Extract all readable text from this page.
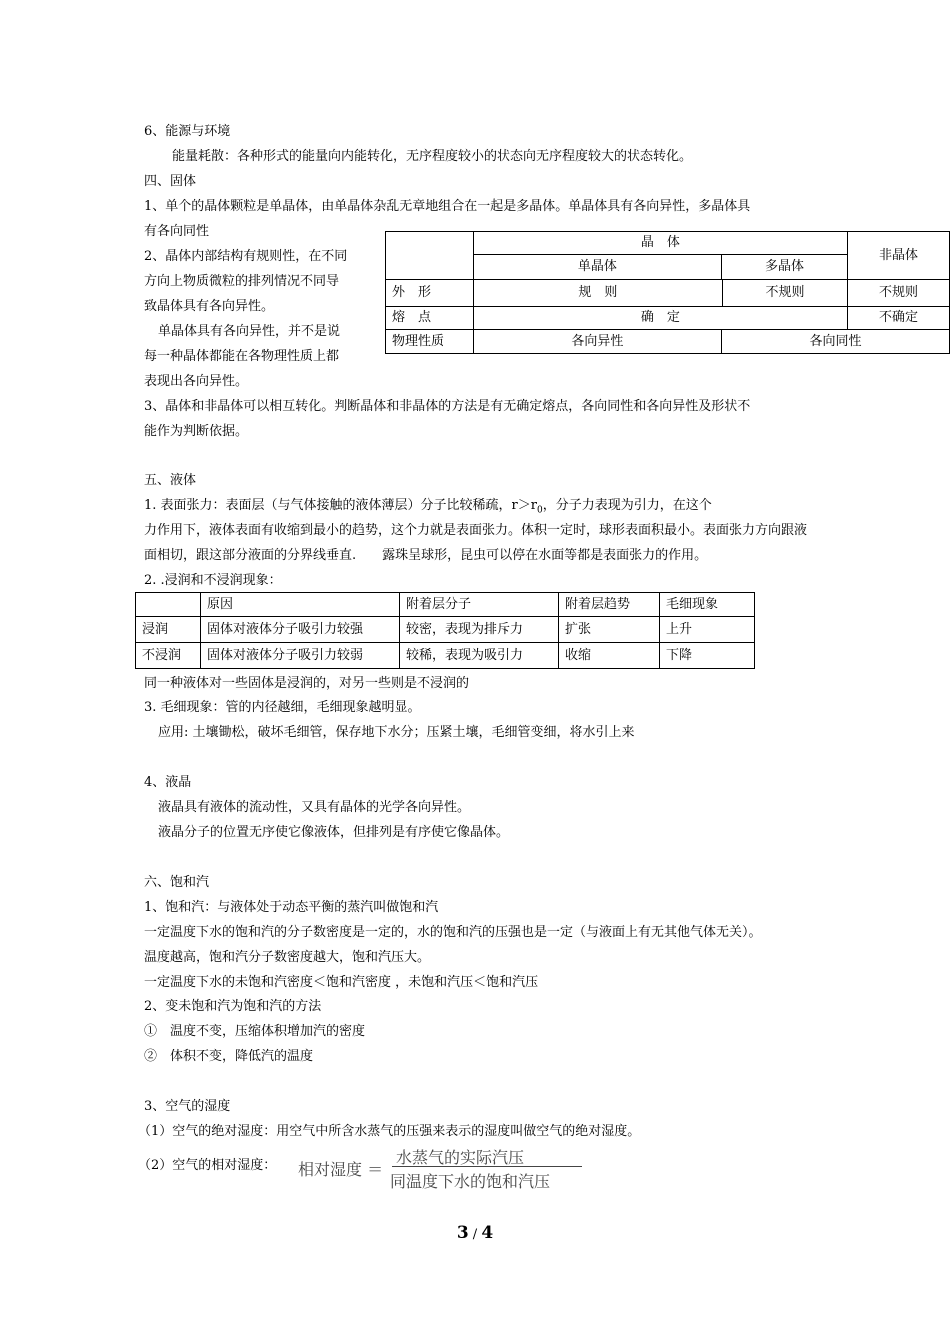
6、能源与环境
能量耗散：各种形式的能量向内能转化，无序程度较小的状态向无序程度较大的状态转化。
四、固体
1、单个的晶体颗粒是单晶体，由单晶体杂乱无章地组合在一起是多晶体。单晶体具有各向异性，多晶体具
有各向同性
2、晶体内部结构有规则性，在不同
方向上物质微粒的排列情况不同导
致晶体具有各向异性。
单晶体具有各向异性，并不是说
每一种晶体都能在各物理性质上都
表现出各向异性。
3、晶体和非晶体可以相互转化。判断晶体和非晶体的方法是有无确定熔点，各向同性和各向异性及形状不
能作为判断依据。
	晶　体		非晶体
	单晶体	多晶体	
外　形	规　则 不规则		不规则
熔　点	确　定		不确定
物理性质	各向异性	各向同性	
五、液体
1. 表面张力：表面层（与气体接触的液体薄层）分子比较稀疏，$r>r_0$，分子力表现为引力，在这个
力作用下，液体表面有收缩到最小的趋势，这个力就是表面张力。体积一定时，球形表面积最小。表面张力方向跟液
面相切，跟这部分液面的分界线垂直.　　露珠呈球形，昆虫可以停在水面等都是表面张力的作用。
2. .浸润和不浸润现象：
	原因	附着层分子	附着层趋势	毛细现象
浸润	固体对液体分子吸引力较强	较密，表现为排斥力	扩张	上升
不浸润	固体对液体分子吸引力较弱	较稀，表现为吸引力	收缩	下降
同一种液体对一些固体是浸润的，对另一些则是不浸润的
3. 毛细现象：管的内径越细，毛细现象越明显。
应用: 土壤锄松，破坏毛细管，保存地下水分；压紧土壤，毛细管变细，将水引上来
4、液晶
液晶具有液体的流动性，又具有晶体的光学各向异性。
液晶分子的位置无序使它像液体，但排列是有序使它像晶体。
六、饱和汽
1、饱和汽：与液体处于动态平衡的蒸汽叫做饱和汽
一定温度下水的饱和汽的分子数密度是一定的，水的饱和汽的压强也是一定（与液面上有无其他气体无关）。
温度越高，饱和汽分子数密度越大，饱和汽压大。
一定温度下水的未饱和汽密度＜饱和汽密度 ，未饱和汽压＜饱和汽压
2、变未饱和汽为饱和汽的方法
①　温度不变，压缩体积增加汽的密度
②　体积不变，降低汽的温度
3、空气的湿度
（1）空气的绝对湿度：用空气中所含水蒸气的压强来表示的湿度叫做空气的绝对湿度。
（2）空气的相对湿度： 相对湿度 ＝
水蒸气的实际汽压
同温度下水的饱和汽压
3 / 4
